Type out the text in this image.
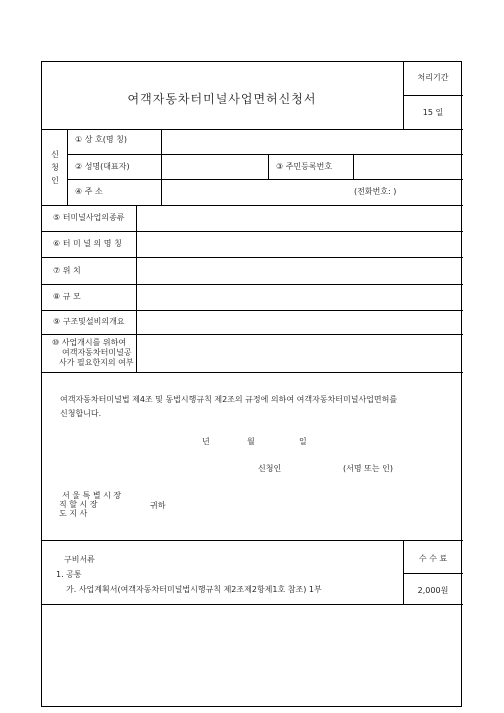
여객자동차터미널사업면허신청서
처리기간
15 일
신
청
인
① 상 호(명 칭)
② 성명(대표자)	③ 주민등록번호
④ 주 소	(전화번호: )
⑤ 터미널사업의종류
⑥ 터 미 널 의 명 칭
⑦ 위 치
⑧ 규 모
⑨ 구조및설비의개요
⑩ 사업개시를 위하여
여객자동차터미널공
사가 필요한지의 여부
여객자동차터미널법 제4조 및 동법시행규칙 제2조의 규정에 의하여 여객자동차터미널사업면허를 신청합니다.
년	월	일
신청인	(서명 또는 인)
서 울 특 별 시 장
직 할 시 장
도 지 사
귀하
구비서류
1. 공통
가. 사업계획서(여객자동차터미널법시행규칙 제2조제2항제1호 참조) 1부
수 수 료
2,000원
